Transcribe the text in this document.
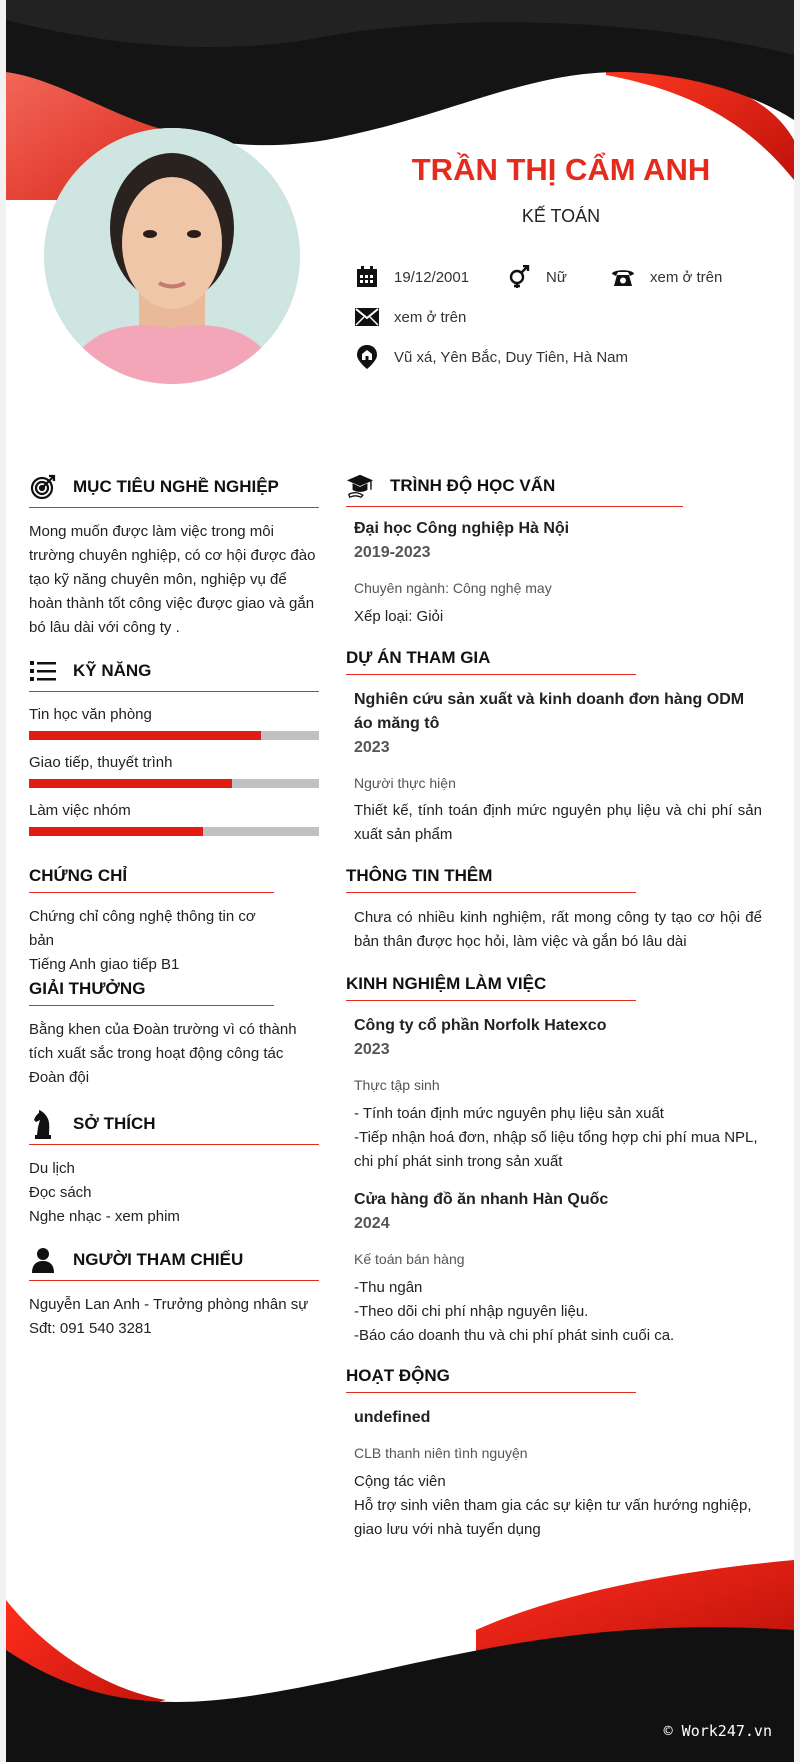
TRẦN THỊ CẨM ANH
KẾ TOÁN
19/12/2001	Nữ	xem ở trên
xem ở trên
Vũ xá, Yên Bắc, Duy Tiên, Hà Nam
MỤC TIÊU NGHỀ NGHIỆP
Mong muốn được làm việc trong môi trường chuyên nghiệp, có cơ hội được đào tạo kỹ năng chuyên môn, nghiệp vụ để hoàn thành tốt công việc được giao và gắn bó lâu dài với công ty .
KỸ NĂNG
Tin học văn phòng
Giao tiếp, thuyết trình
Làm việc nhóm
CHỨNG CHỈ
Chứng chỉ công nghệ thông tin cơ bản
Tiếng Anh giao tiếp B1
GIẢI THƯỞNG
Bằng khen của Đoàn trường vì có thành tích xuất sắc trong hoạt động công tác Đoàn đội
SỞ THÍCH
Du lịch
Đọc sách
Nghe nhạc - xem phim
NGƯỜI THAM CHIẾU
Nguyễn Lan Anh - Trưởng phòng nhân sự
Sđt: 091 540 3281
TRÌNH ĐỘ HỌC VẤN
Đại học Công nghiệp Hà Nội
2019-2023
Chuyên ngành: Công nghệ may
Xếp loại: Giỏi
DỰ ÁN THAM GIA
Nghiên cứu sản xuất và kinh doanh đơn hàng ODM
áo măng tô
2023
Người thực hiện
Thiết kế, tính toán định mức nguyên phụ liệu và chi phí sản xuất sản phẩm
THÔNG TIN THÊM
Chưa có nhiều kinh nghiệm, rất mong công ty tạo cơ hội để bản thân được học hỏi, làm việc và gắn bó lâu dài
KINH NGHIỆM LÀM VIỆC
Công ty cổ phần Norfolk Hatexco
2023
Thực tập sinh
- Tính toán định mức nguyên phụ liệu sản xuất
-Tiếp nhận hoá đơn, nhập số liệu tổng hợp chi phí mua NPL, chi phí phát sinh trong sản xuất
Cửa hàng đồ ăn nhanh Hàn Quốc
2024
Kế toán bán hàng
-Thu ngân
-Theo dõi chi phí nhập nguyên liệu.
-Báo cáo doanh thu và chi phí phát sinh cuối ca.
HOẠT ĐỘNG
undefined
CLB thanh niên tình nguyện
Cộng tác viên
Hỗ trợ sinh viên tham gia các sự kiện tư vấn hướng nghiệp, giao lưu với nhà tuyển dụng
© Work247.vn
